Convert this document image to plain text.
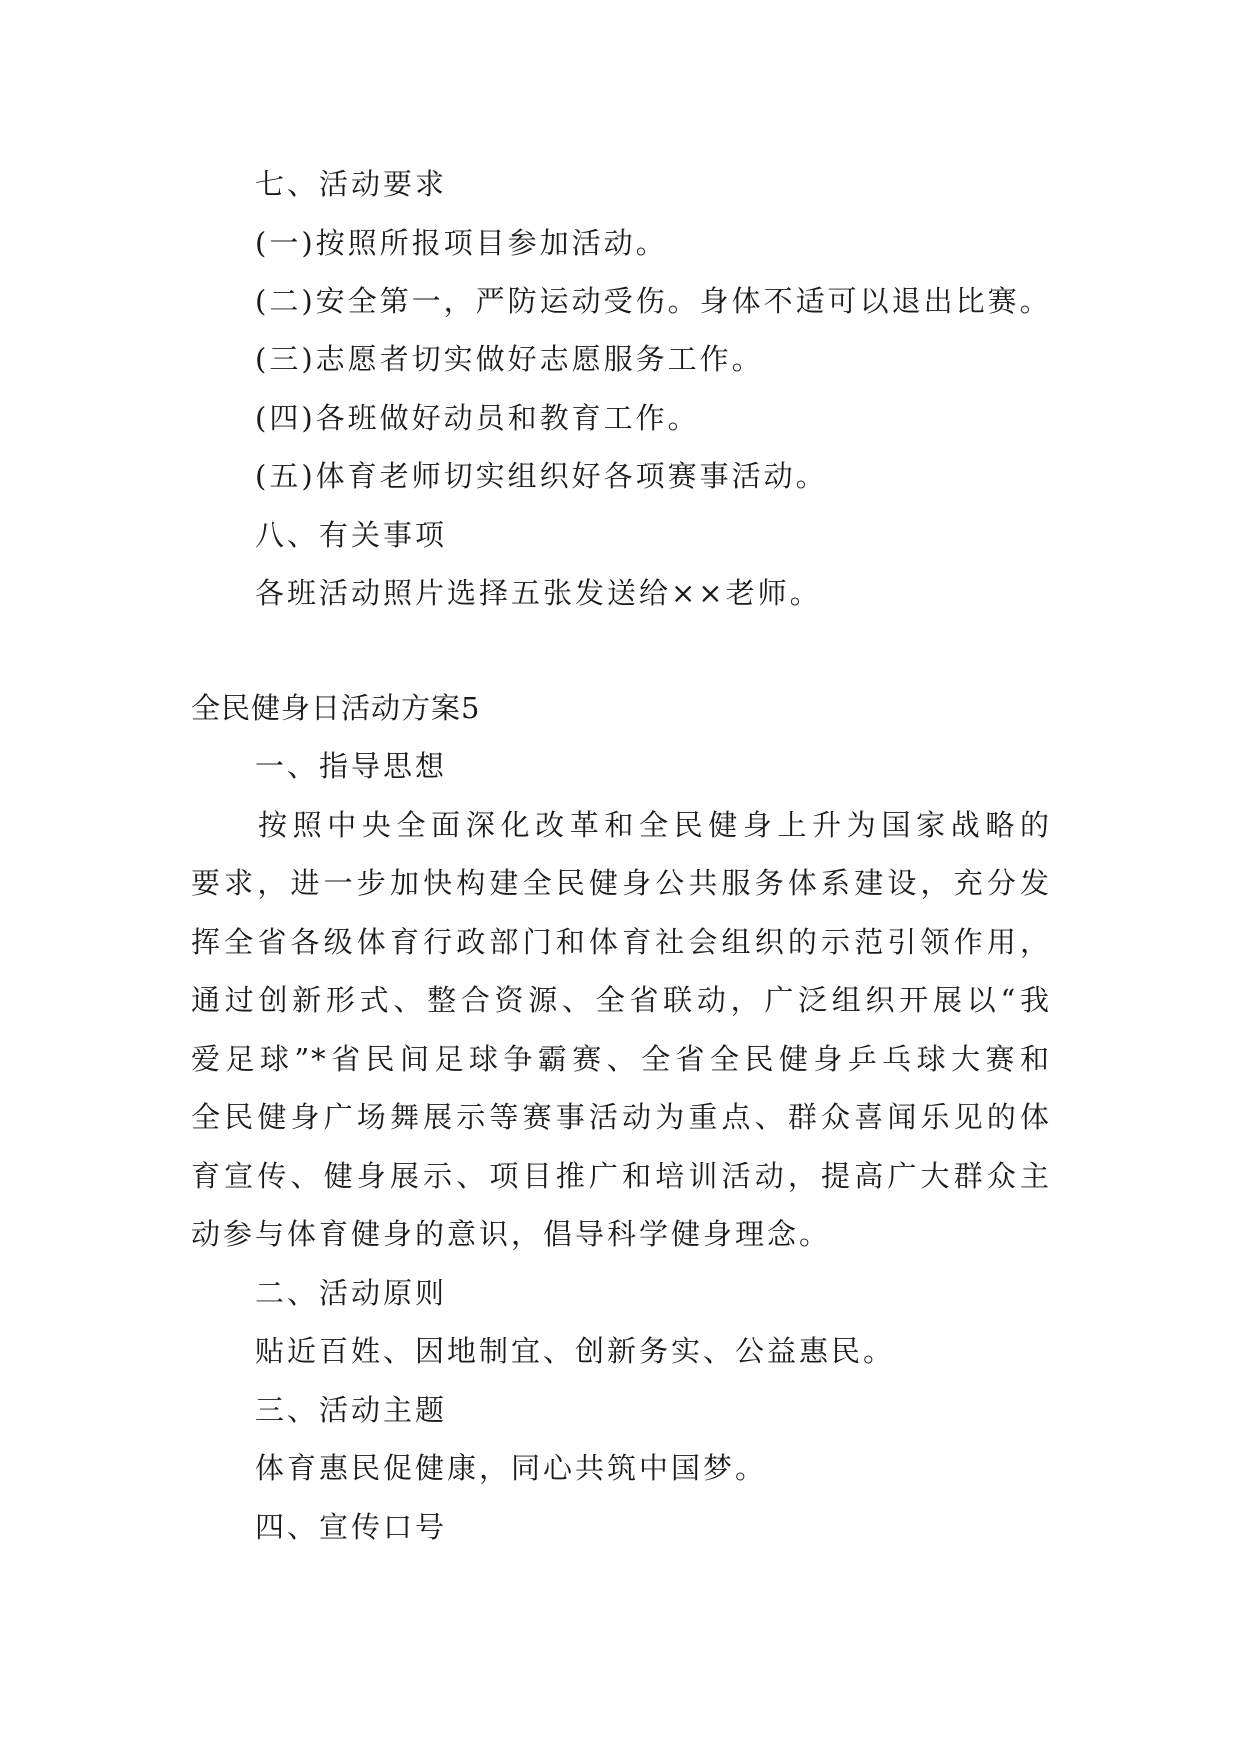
七、活动要求
(一)按照所报项目参加活动。
(二)安全第一，严防运动受伤。身体不适可以退出比赛。
(三)志愿者切实做好志愿服务工作。
(四)各班做好动员和教育工作。
(五)体育老师切实组织好各项赛事活动。
八、有关事项
各班活动照片选择五张发送给××老师。
全民健身日活动方案5
一、指导思想
按照中央全面深化改革和全民健身上升为国家战略的
要求，进一步加快构建全民健身公共服务体系建设，充分发
挥全省各级体育行政部门和体育社会组织的示范引领作用，
通过创新形式、整合资源、全省联动，广泛组织开展以“我
爱足球”*省民间足球争霸赛、全省全民健身乒乓球大赛和
全民健身广场舞展示等赛事活动为重点、群众喜闻乐见的体
育宣传、健身展示、项目推广和培训活动，提高广大群众主
动参与体育健身的意识，倡导科学健身理念。
二、活动原则
贴近百姓、因地制宜、创新务实、公益惠民。
三、活动主题
体育惠民促健康，同心共筑中国梦。
四、宣传口号
